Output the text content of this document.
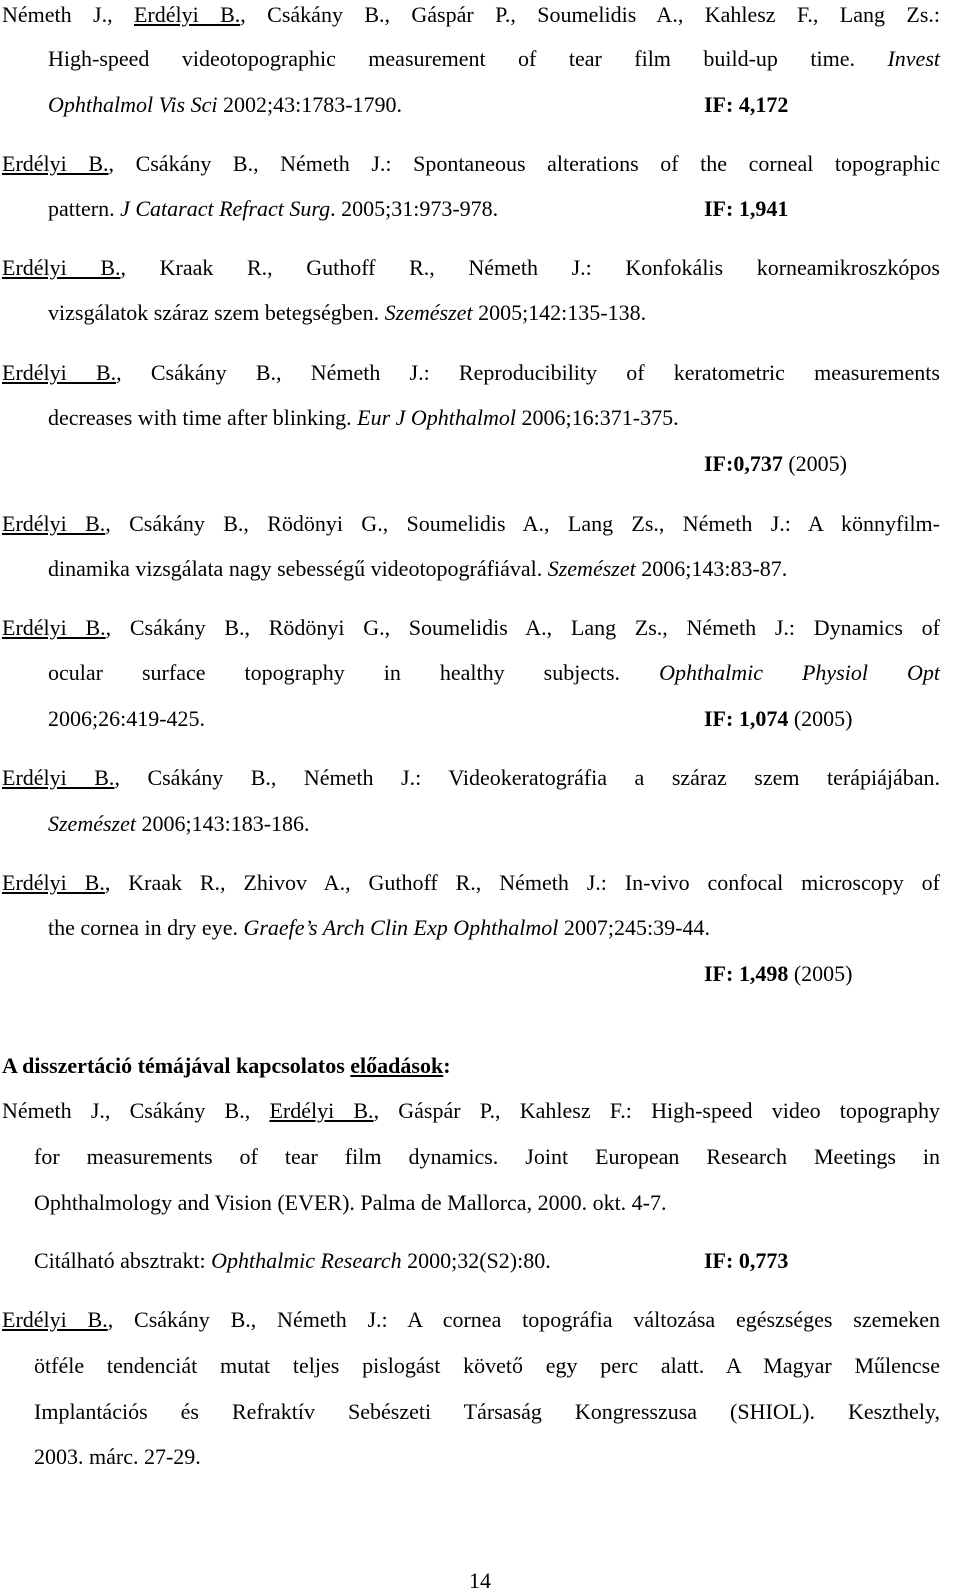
Németh J., Erdélyi B., Csákány B., Gáspár P., Soumelidis A., Kahlesz F., Lang Zs.:
High-speed videotopographic measurement of tear film build-up time. Invest
Ophthalmol Vis Sci 2002;43:1783-1790.	IF: 4,172
Erdélyi B., Csákány B., Németh J.: Spontaneous alterations of the corneal topographic
pattern. J Cataract Refract Surg. 2005;31:973-978.	IF: 1,941
Erdélyi B., Kraak R., Guthoff R., Németh J.: Konfokális korneamikroszkópos
vizsgálatok száraz szem betegségben. Szemészet 2005;142:135-138.
Erdélyi B., Csákány B., Németh J.: Reproducibility of keratometric measurements
decreases with time after blinking. Eur J Ophthalmol 2006;16:371-375.
IF:0,737 (2005)
Erdélyi B., Csákány B., Rödönyi G., Soumelidis A., Lang Zs., Németh J.: A könnyfilm-
dinamika vizsgálata nagy sebességű videotopográfiával. Szemészet 2006;143:83-87.
Erdélyi B., Csákány B., Rödönyi G., Soumelidis A., Lang Zs., Németh J.: Dynamics of
ocular surface topography in healthy subjects. Ophthalmic Physiol Opt
2006;26:419-425.	IF: 1,074 (2005)
Erdélyi B., Csákány B., Németh J.: Videokeratográfia a száraz szem terápiájában.
Szemészet 2006;143:183-186.
Erdélyi B., Kraak R., Zhivov A., Guthoff R., Németh J.: In-vivo confocal microscopy of
the cornea in dry eye. Graefe’s Arch Clin Exp Ophthalmol 2007;245:39-44.
IF: 1,498 (2005)
A disszertáció témájával kapcsolatos előadások:
Németh J., Csákány B., Erdélyi B., Gáspár P., Kahlesz F.: High-speed video topography
for measurements of tear film dynamics. Joint European Research Meetings in
Ophthalmology and Vision (EVER). Palma de Mallorca, 2000. okt. 4-7.
Citálható absztrakt: Ophthalmic Research 2000;32(S2):80.	IF: 0,773
Erdélyi B., Csákány B., Németh J.: A cornea topográfia változása egészséges szemeken
ötféle tendenciát mutat teljes pislogást követő egy perc alatt. A Magyar Műlencse
Implantációs és Refraktív Sebészeti Társaság Kongresszusa (SHIOL). Keszthely,
2003. márc. 27-29.
14
